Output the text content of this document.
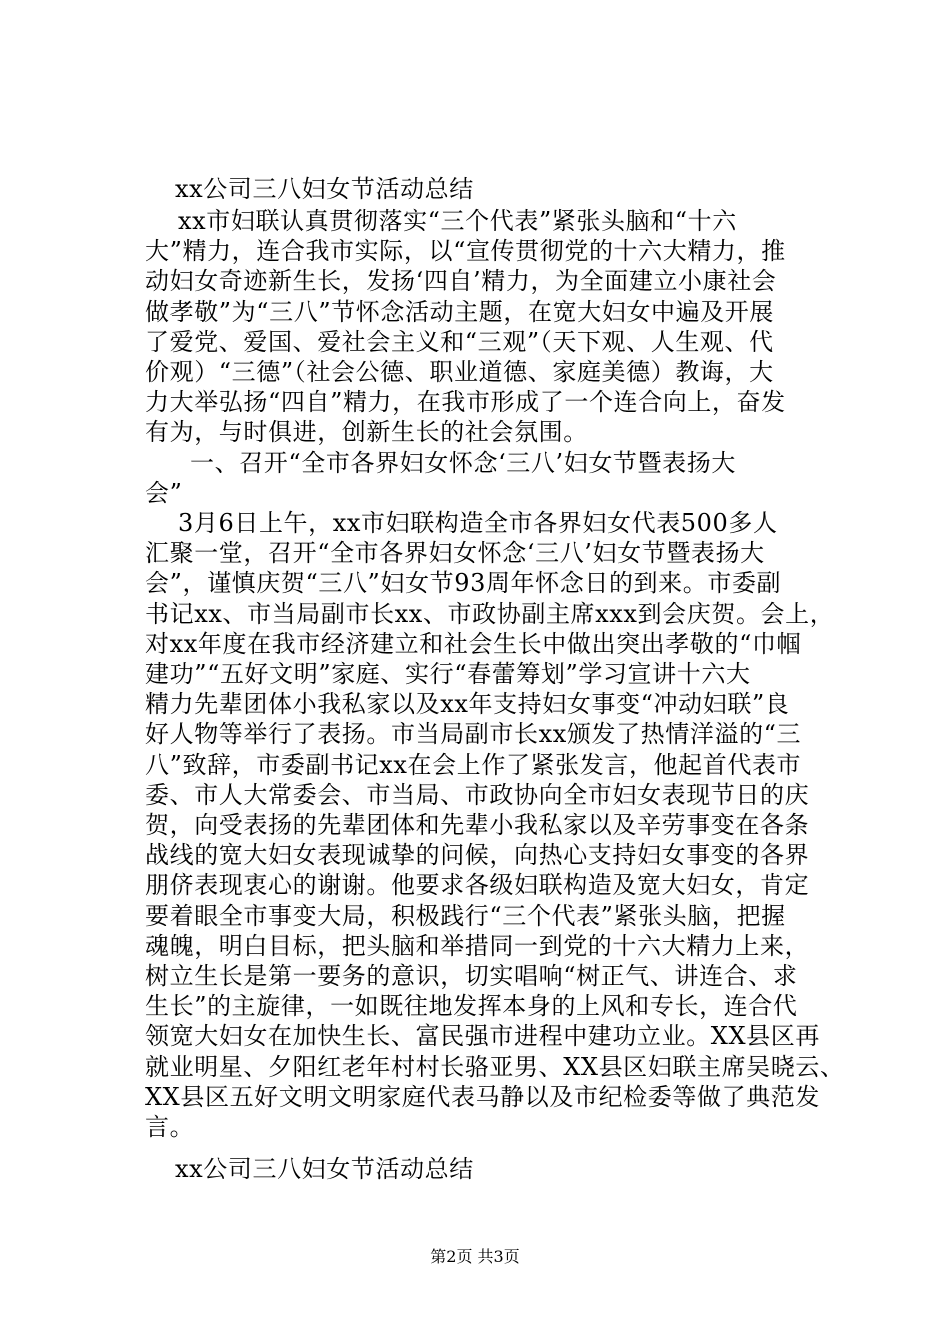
xx公司三八妇女节活动总结
xx市妇联认真贯彻落实“三个代表”紧张头脑和“十六
大”精力，连合我市实际，以“宣传贯彻党的十六大精力，推
动妇女奇迹新生长，发扬‘四自’精力，为全面建立小康社会
做孝敬”为“三八”节怀念活动主题，在宽大妇女中遍及开展
了爱党、爱国、爱社会主义和“三观”（天下观、人生观、代
价观）“三德”（社会公德、职业道德、家庭美德）教诲，大
力大举弘扬“四自”精力，在我市形成了一个连合向上，奋发
有为，与时俱进，创新生长的社会氛围。
一、召开“全市各界妇女怀念‘三八’妇女节暨表扬大
会”
3月6日上午，xx市妇联构造全市各界妇女代表500多人
汇聚一堂，召开“全市各界妇女怀念‘三八’妇女节暨表扬大
会”，谨慎庆贺“三八”妇女节93周年怀念日的到来。市委副
书记xx、市当局副市长xx、市政协副主席xxx到会庆贺。会上，
对xx年度在我市经济建立和社会生长中做出突出孝敬的“巾帼
建功”“五好文明”家庭、实行“春蕾筹划”学习宣讲十六大
精力先辈团体小我私家以及xx年支持妇女事变“冲动妇联”良
好人物等举行了表扬。市当局副市长xx颁发了热情洋溢的“三
八”致辞，市委副书记xx在会上作了紧张发言，他起首代表市
委、市人大常委会、市当局、市政协向全市妇女表现节日的庆
贺，向受表扬的先辈团体和先辈小我私家以及辛劳事变在各条
战线的宽大妇女表现诚挚的问候，向热心支持妇女事变的各界
朋侪表现衷心的谢谢。他要求各级妇联构造及宽大妇女，肯定
要着眼全市事变大局，积极践行“三个代表”紧张头脑，把握
魂魄，明白目标，把头脑和举措同一到党的十六大精力上来，
树立生长是第一要务的意识，切实唱响“树正气、讲连合、求
生长”的主旋律，一如既往地发挥本身的上风和专长，连合代
领宽大妇女在加快生长、富民强市进程中建功立业。XX县区再
就业明星、夕阳红老年村村长骆亚男、XX县区妇联主席吴晓云、
XX县区五好文明文明家庭代表马静以及市纪检委等做了典范发
言。
xx公司三八妇女节活动总结
第2页 共3页
